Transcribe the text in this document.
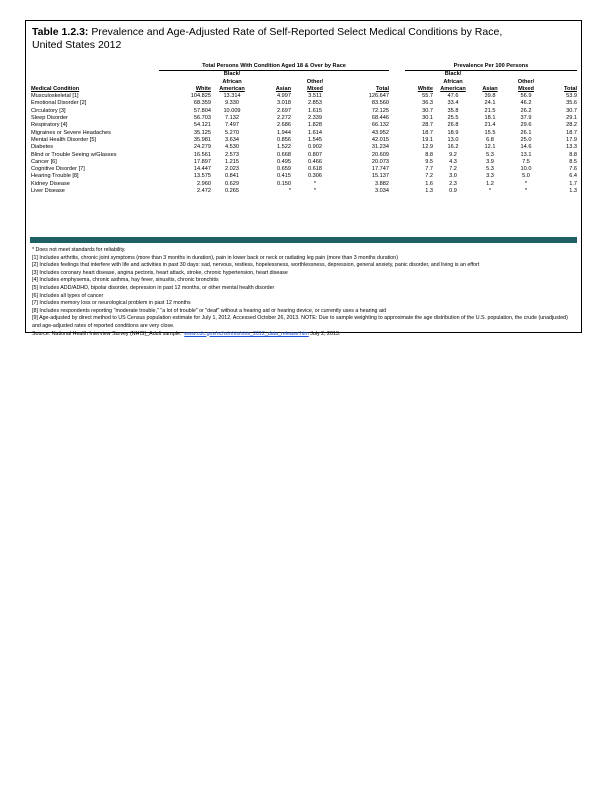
Table 1.2.3: Prevalence and Age-Adjusted Rate of Self-Reported Select Medical Conditions by Race,
United States 2012
	Total Persons With Condition Aged 18 & Over by Race						Prevalence Per 100 Persons				
		Black/						Black/			
		African		Other/				African		Other/	
Medical Condition	White	American	Asian	Mixed	Total		White	American	Asian	Mixed	Total
Musculoskeletal [1]	104.825	13.314	4.997	3.511	126.647		55.7	47.6	39.8	56.9	53.9
Emotional Disorder [2]	68.359	9.330	3.018	2.853	83.560		36.3	33.4	24.1	46.2	35.6
Circulatory [3]	57.804	10.009	2.697	1.615	72.125		30.7	35.8	21.5	26.2	30.7
Sleep Disorder	56.703	7.132	2.272	2.339	68.446		30.1	25.5	18.1	37.9	29.1
Respiratory [4]	54.121	7.497	2.686	1.828	66.132		28.7	26.8	21.4	29.6	28.2
Migraines or Severe Headaches	35.125	5.270	1.944	1.614	43.952		18.7	18.9	15.5	26.1	18.7
Mental Health Disorder [5]	35.981	3.634	0.856	1.545	42.015		19.1	13.0	6.8	25.0	17.9
Diabetes	24.279	4.530	1.522	0.902	31.234		12.9	16.2	12.1	14.6	13.3
Blind or Trouble Seeing w/Glasses	16.561	2.573	0.668	0.807	20.609		8.8	9.2	5.3	13.1	8.8
Cancer [6]	17.897	1.215	0.495	0.466	20.073		9.5	4.3	3.9	7.5	8.5
Cognitive Disorder [7]	14.447	2.023	0.659	0.618	17.747		7.7	7.2	5.3	10.0	7.6
Hearing Trouble [8]	13.575	0.841	0.415	0.306	15.137		7.2	3.0	3.3	5.0	6.4
Kidney Disease	2.960	0.629	0.150	*	3.882		1.6	2.3	1.2	*	1.7
Liver Disease	2.472	0.265	*	*	3.034		1.3	0.9	*	*	1.3
* Does not meet standards for reliability.
[1] Includes arthritis, chronic joint symptoms (more than 3 months in duration), pain in lower back or neck or radiating leg pain (more than 3 months duration)
[2] Includes feelings that interfere with life and activities in past 30 days: sad, nervous, restless, hopelessness, worthlessness, depression, general anxiety, panic disorder, and living is an effort
[3] Includes coronary heart disease, angina pectoris, heart attack, stroke, chronic hypertension, heart disease
[4] Includes emphysema, chronic asthma, hay fever, sinusitis, chronic bronchitis
[5] Includes ADD/ADHD, bipolar disorder, depression in past 12 months, or other mental health disorder
[6] Includes all types of cancer
[7] Includes memory loss or neurological problem in past 12 months
[8] Includes respondents reporting "moderate trouble," "a lot of trouble" or "deaf" without a hearing aid or hearing device, or currently uses a hearing aid
[9] Age-adjusted by direct method to US Census population estimate for July 1, 2012. Accessed October 26, 2013. NOTE: Due to sample weighting to approximate the age distribution of the U.S. population, the crude (unadjusted) and age-adjusted rates of reported conditions are very close.
Source: National Health Interview Survey (NHIS)_Adult sample. www.cdc.gov/nchs/nhis/nhis_2012_data_release.htm July 2, 2013.
